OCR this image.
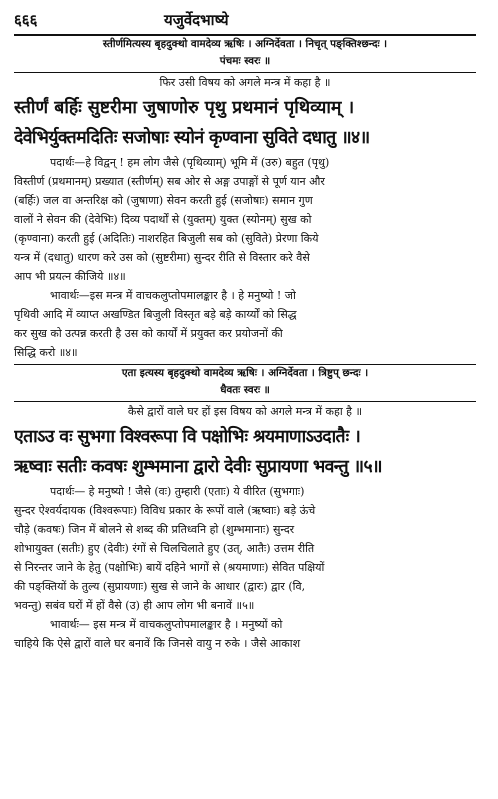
६६६	यजुर्वेदभाष्ये
स्तीर्णमित्यस्य बृहदुक्थो वामदेव्य ऋषिः । अग्निर्देवता । निचृत् पङ्क्तिश्छन्दः ।
पंचमः स्वरः ॥
फिर उसी विषय को अगले मन्त्र में कहा है ॥
स्तीर्णं बर्हिः सुष्टरीमा जुषाणोरु पृथु प्रथमानं पृथिव्याम् ।
देवेभिर्युक्तमदितिः सजोषाः स्योनं कृण्वाना सुविते दधातु ॥४॥
पदार्थः—हे विद्वन् ! हम लोग जैसे (पृथिव्याम्) भूमि में (उरु) बहुत (पृथु)
विस्तीर्ण (प्रथमानम्) प्रख्यात (स्तीर्णम्) सब ओर से अङ्ग उपाङ्गों से पूर्ण यान और
(बर्हिः) जल वा अन्तरिक्ष को (जुषाणा) सेवन करती हुई (सजोषाः) समान गुण
वालों ने सेवन की (देवेभिः) दिव्य पदार्थों से (युक्तम्) युक्त (स्योनम्) सुख को
(कृण्वाना) करती हुई (अदितिः) नाशरहित बिजुली सब को (सुविते) प्रेरणा किये
यन्त्र में (दधातु) धारण करे उस को (सुष्टरीमा) सुन्दर रीति से विस्तार करे वैसे
आप भी प्रयत्न कीजिये ॥४॥
भावार्थः—इस मन्त्र में वाचकलुप्तोपमालङ्कार है । हे मनुष्यो ! जो
पृथिवी आदि में व्याप्त अखण्डित बिजुली विस्तृत बड़े बड़े कार्य्यों को सिद्ध
कर सुख को उत्पन्न करती है उस को कार्यों में प्रयुक्त कर प्रयोजनों की
सिद्धि करो ॥४॥
एता इत्यस्य बृहदुक्थो वामदेव्य ऋषिः । अग्निर्देवता । त्रिष्टुप् छन्दः ।
धैवतः स्वरः ॥
कैसे द्वारों वाले घर हों इस विषय को अगले मन्त्र में कहा है ॥
एताऽउ वः सुभगा विश्वरूपा वि पक्षोभिः श्रयमाणाऽउदातैः ।
ऋष्वाः सतीः कवषः शुम्भमाना द्वारो देवीः सुप्रायणा भवन्तु ॥५॥
पदार्थः— हे मनुष्यो ! जैसे (वः) तुम्हारी (एताः) ये वीरित (सुभगाः)
सुन्दर ऐश्वर्यदायक (विश्वरूपाः) विविध प्रकार के रूपों वाले (ऋष्वाः) बड़े ऊंचे
चौड़े (कवषः) जिन में बोलने से शब्द की प्रतिध्वनि हो (शुम्भमानाः) सुन्दर
शोभायुक्त (सतीः) हुए (देवीः) रंगों से चिलचिलाते हुए (उत्, आतैः) उत्तम रीति
से निरन्तर जाने के हेतु (पक्षोभिः) बायें दहिने भागों से (श्रयमाणाः) सेवित पक्षियों
की पङ्क्तियों के तुल्य (सुप्रायणाः) सुख से जाने के आधार (द्वारः) द्वार (वि,
भवन्तु) सबंव घरों में हों वैसे (उ) ही आप लोग भी बनावें ॥५॥
भावार्थः— इस मन्त्र में वाचकलुप्तोपमालङ्कार है । मनुष्यों को
चाहिये कि ऐसे द्वारों वाले घर बनावें कि जिनसे वायु न रुके । जैसे आकाश
